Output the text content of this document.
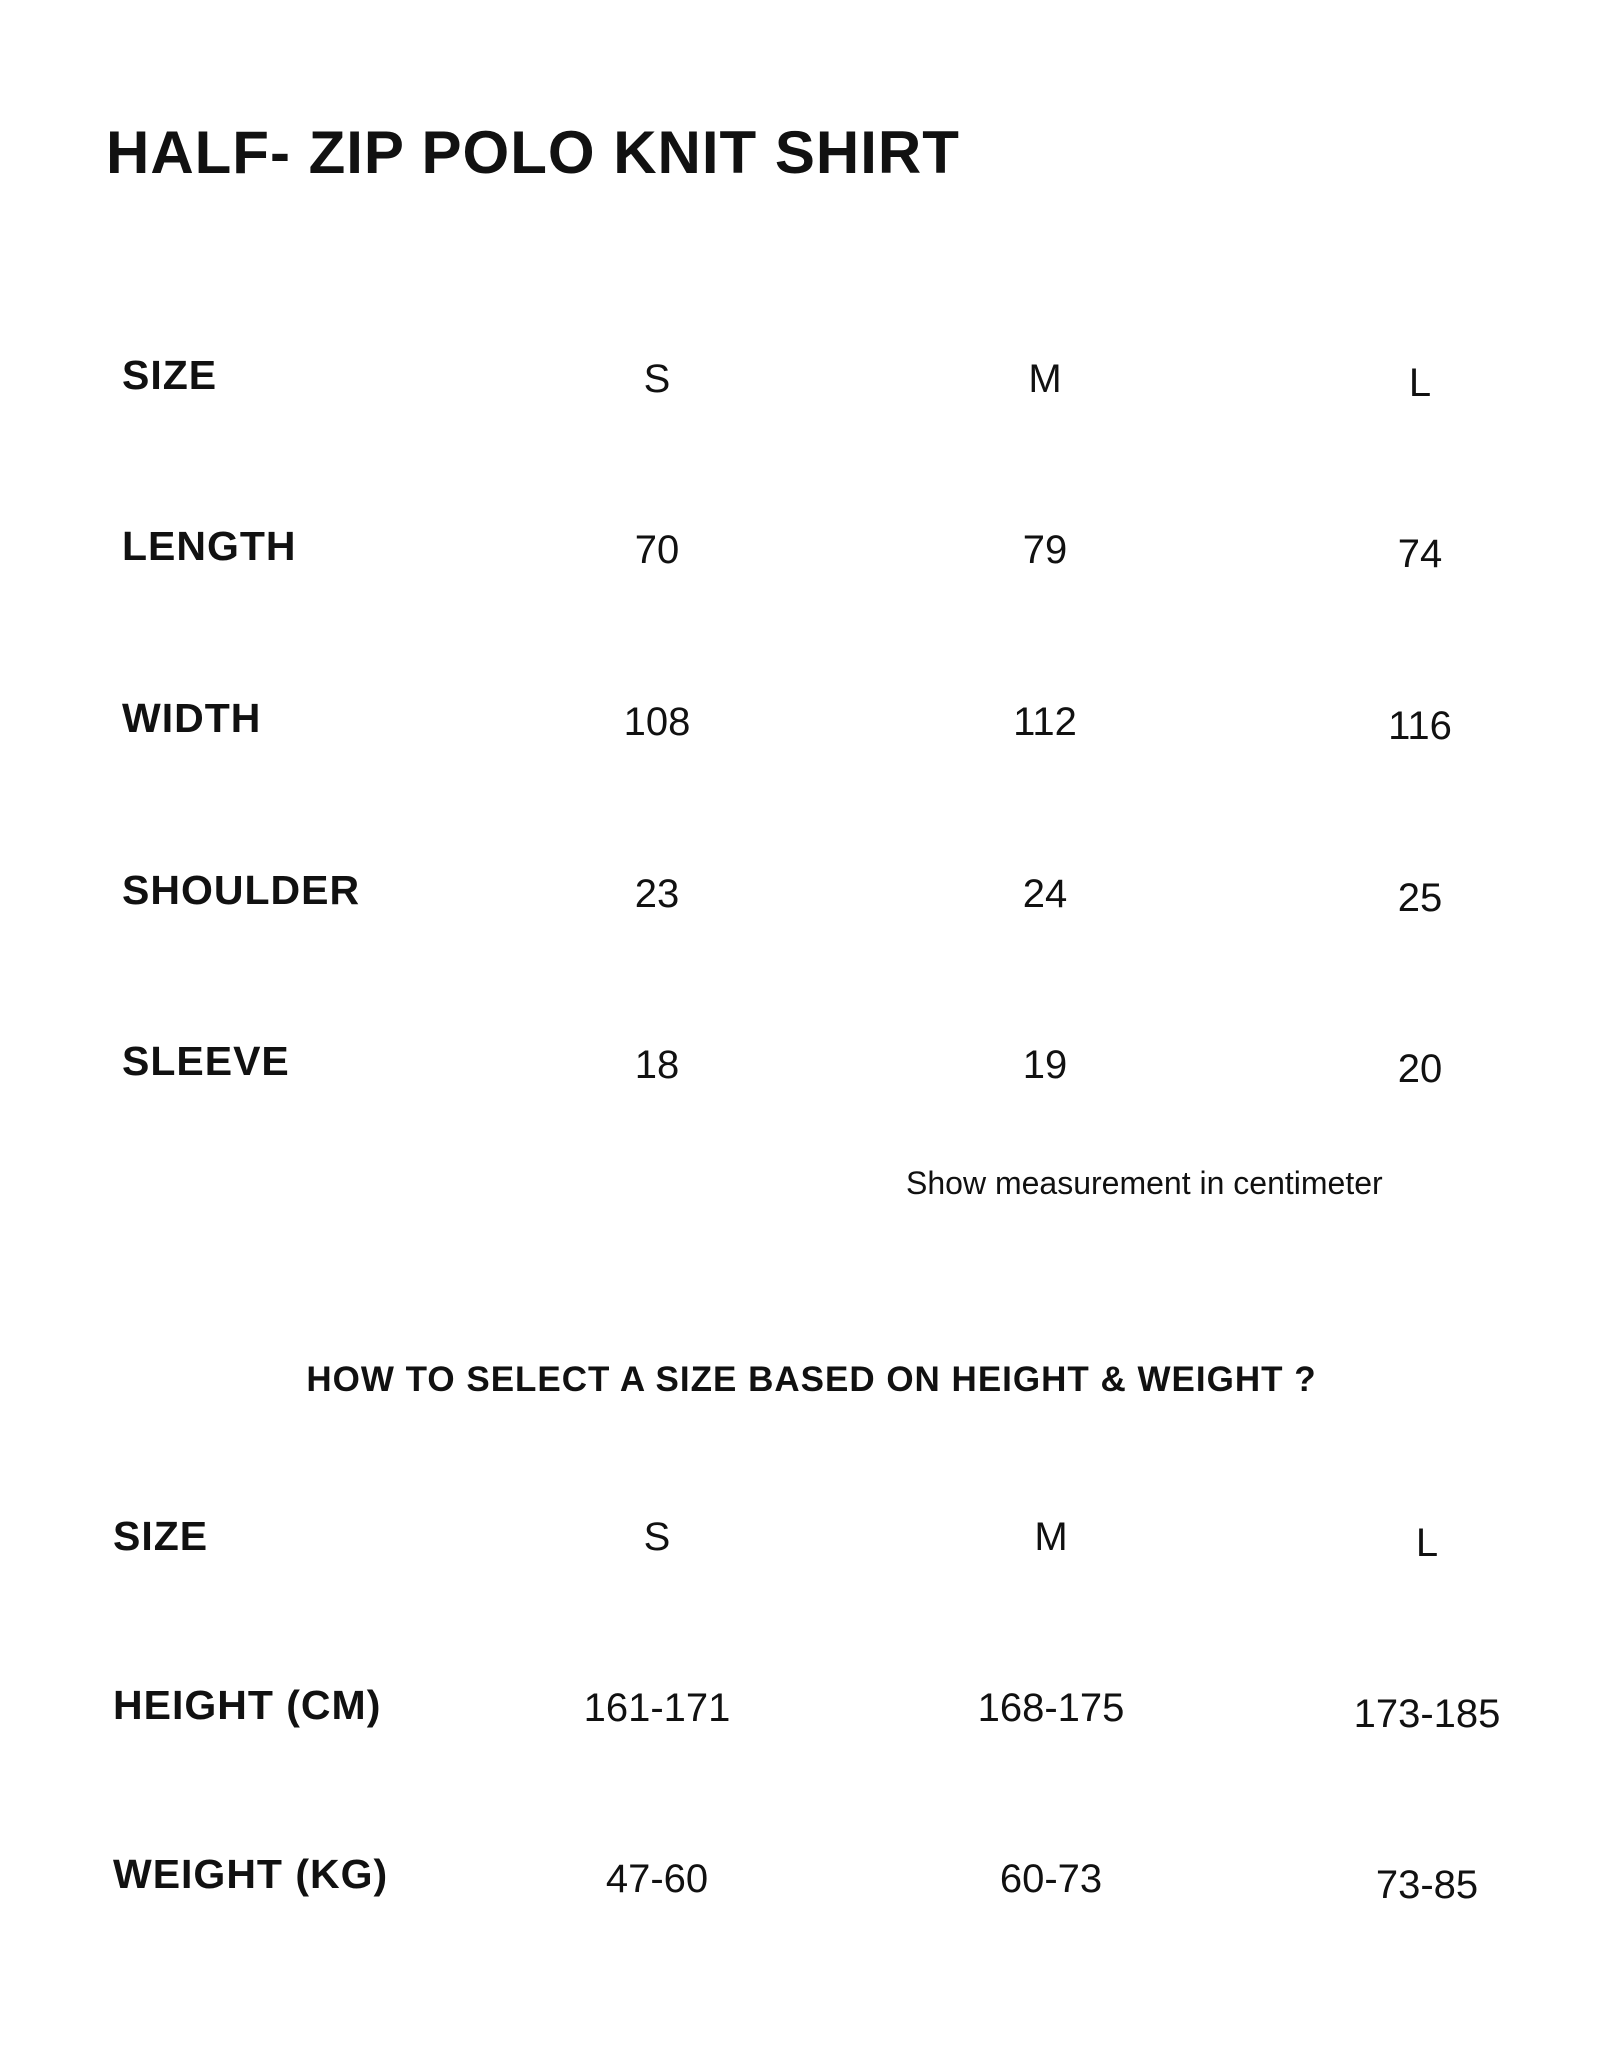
HALF- ZIP POLO KNIT SHIRT
SIZE	S	M	L
LENGTH	70	79	74
WIDTH	108	112	116
SHOULDER	23	24	25
SLEEVE	18	19	20
Show measurement in centimeter
HOW TO SELECT A SIZE BASED ON HEIGHT & WEIGHT ?
SIZE	S	M	L
HEIGHT (CM)	161-171	168-175	173-185
WEIGHT (KG)	47-60	60-73	73-85
